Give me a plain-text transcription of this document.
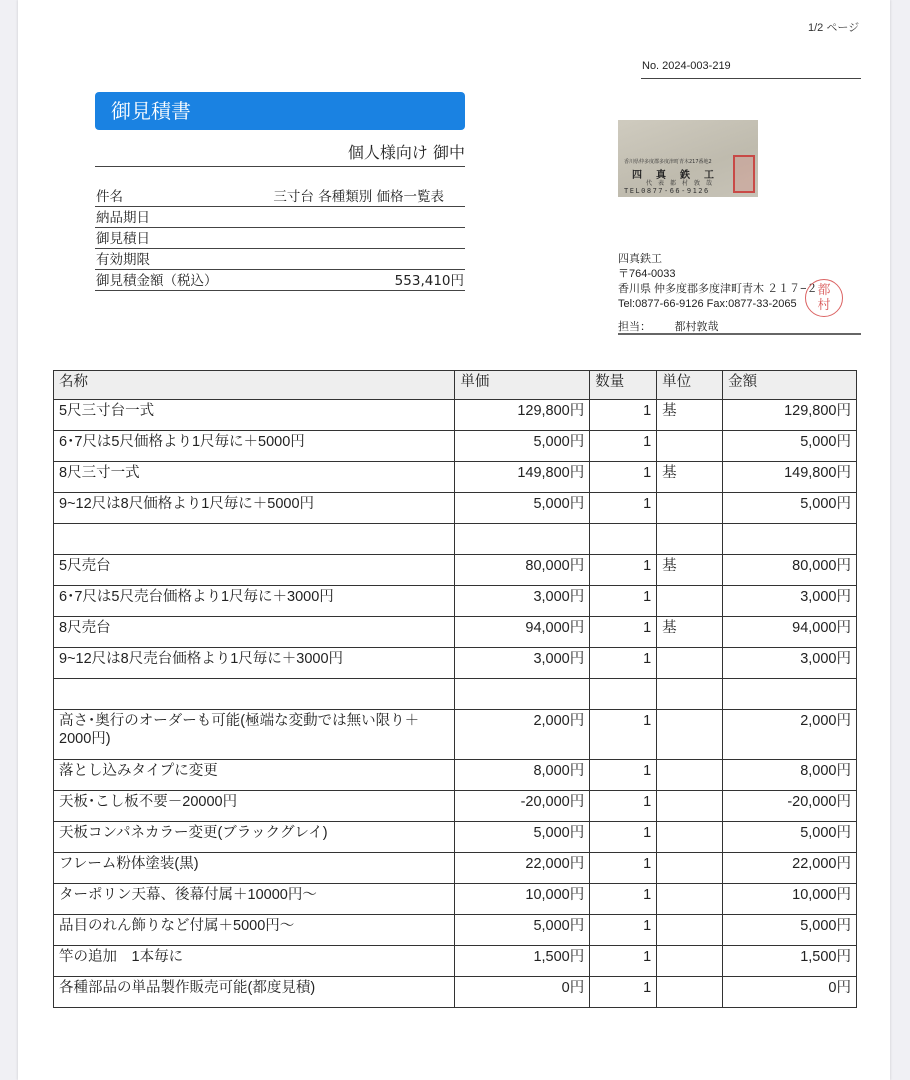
1/2 ページ
No. 2024-003-219
御見積書
個人様向け 御中
件名	三寸台 各種類別 価格一覧表
納品期日
御見積日
有効期限
御見積金額（税込）	553,410円
香川県仲多度郡多度津町青木217番地2
四真鉄工
代表都村敦哉
TEL0877-66-9126
四真鉄工
〒764-0033
香川県 仲多度郡多度津町青木 ２１７−２
Tel:0877-66-9126 Fax:0877-33-2065
担当： 都村敦哉
都
村
名称	単価	数量	単位	金額
5尺三寸台一式	129,800円	1	基	129,800円
6･7尺は5尺価格より1尺毎に＋5000円	5,000円	1		5,000円
8尺三寸一式	149,800円	1	基	149,800円
9~12尺は8尺価格より1尺毎に＋5000円	5,000円	1		5,000円

5尺売台	80,000円	1	基	80,000円
6･7尺は5尺売台価格より1尺毎に＋3000円	3,000円	1		3,000円
8尺売台	94,000円	1	基	94,000円
9~12尺は8尺売台価格より1尺毎に＋3000円	3,000円	1		3,000円

高さ･奥行のオーダーも可能(極端な変動では無い限り＋2000円)	2,000円	1		2,000円
落とし込みタイプに変更	8,000円	1		8,000円
天板･こし板不要－20000円	-20,000円	1		-20,000円
天板コンパネカラー変更(ブラックグレイ)	5,000円	1		5,000円
フレーム粉体塗装(黒)	22,000円	1		22,000円
ターポリン天幕、後幕付属＋10000円～	10,000円	1		10,000円
品目のれん飾りなど付属＋5000円～	5,000円	1		5,000円
竿の追加　1本毎に	1,500円	1		1,500円
各種部品の単品製作販売可能(都度見積)	0円	1		0円
